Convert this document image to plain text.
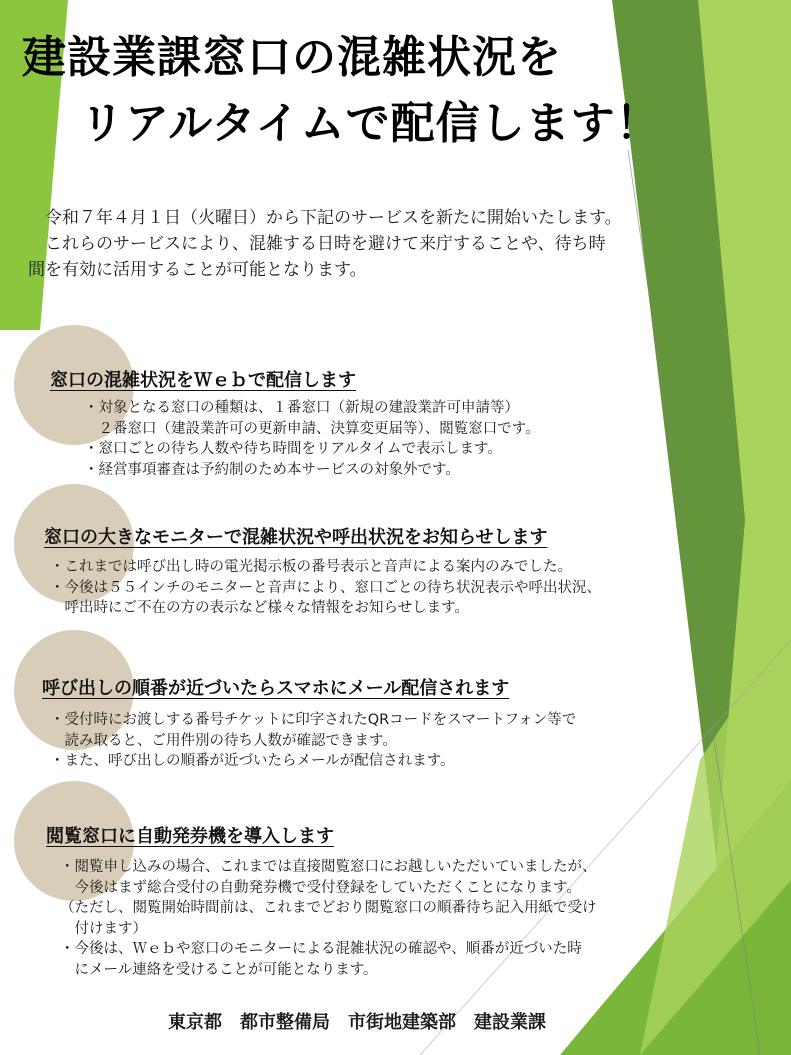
建設業課窓口の混雑状況を
リアルタイムで配信します！

令和７年４月１日（火曜日）から下記のサービスを新たに開始いたします。

これらのサービスにより、混雑する日時を避けて来庁することや、待ち時

間を有効に活用することが可能となります。

窓口の混雑状況をＷｅｂで配信します
・対象となる窓口の種類は、１番窓口（新規の建設業許可申請等）
　２番窓口（建設業許可の更新申請、決算変更届等）、閲覧窓口です。
・窓口ごとの待ち人数や待ち時間をリアルタイムで表示します。
・経営事項審査は予約制のため本サービスの対象外です。
窓口の大きなモニターで混雑状況や呼出状況をお知らせします
・これまでは呼び出し時の電光掲示板の番号表示と音声による案内のみでした。
・今後は５５インチのモニターと音声により、窓口ごとの待ち状況表示や呼出状況、
　呼出時にご不在の方の表示など様々な情報をお知らせします。
呼び出しの順番が近づいたらスマホにメール配信されます
・受付時にお渡しする番号チケットに印字されたQRコードをスマートフォン等で
　読み取ると、ご用件別の待ち人数が確認できます。
・また、呼び出しの順番が近づいたらメールが配信されます。
閲覧窓口に自動発券機を導入します
・閲覧申し込みの場合、これまでは直接閲覧窓口にお越しいただいていましたが、
　今後はまず総合受付の自動発券機で受付登録をしていただくことになります。
（ただし、閲覧開始時間前は、これまでどおり閲覧窓口の順番待ち記入用紙で受け
　付けます）
・今後は、Ｗｅｂや窓口のモニターによる混雑状況の確認や、順番が近づいた時
　にメール連絡を受けることが可能となります。
東京都　都市整備局　市街地建築部　建設業課
